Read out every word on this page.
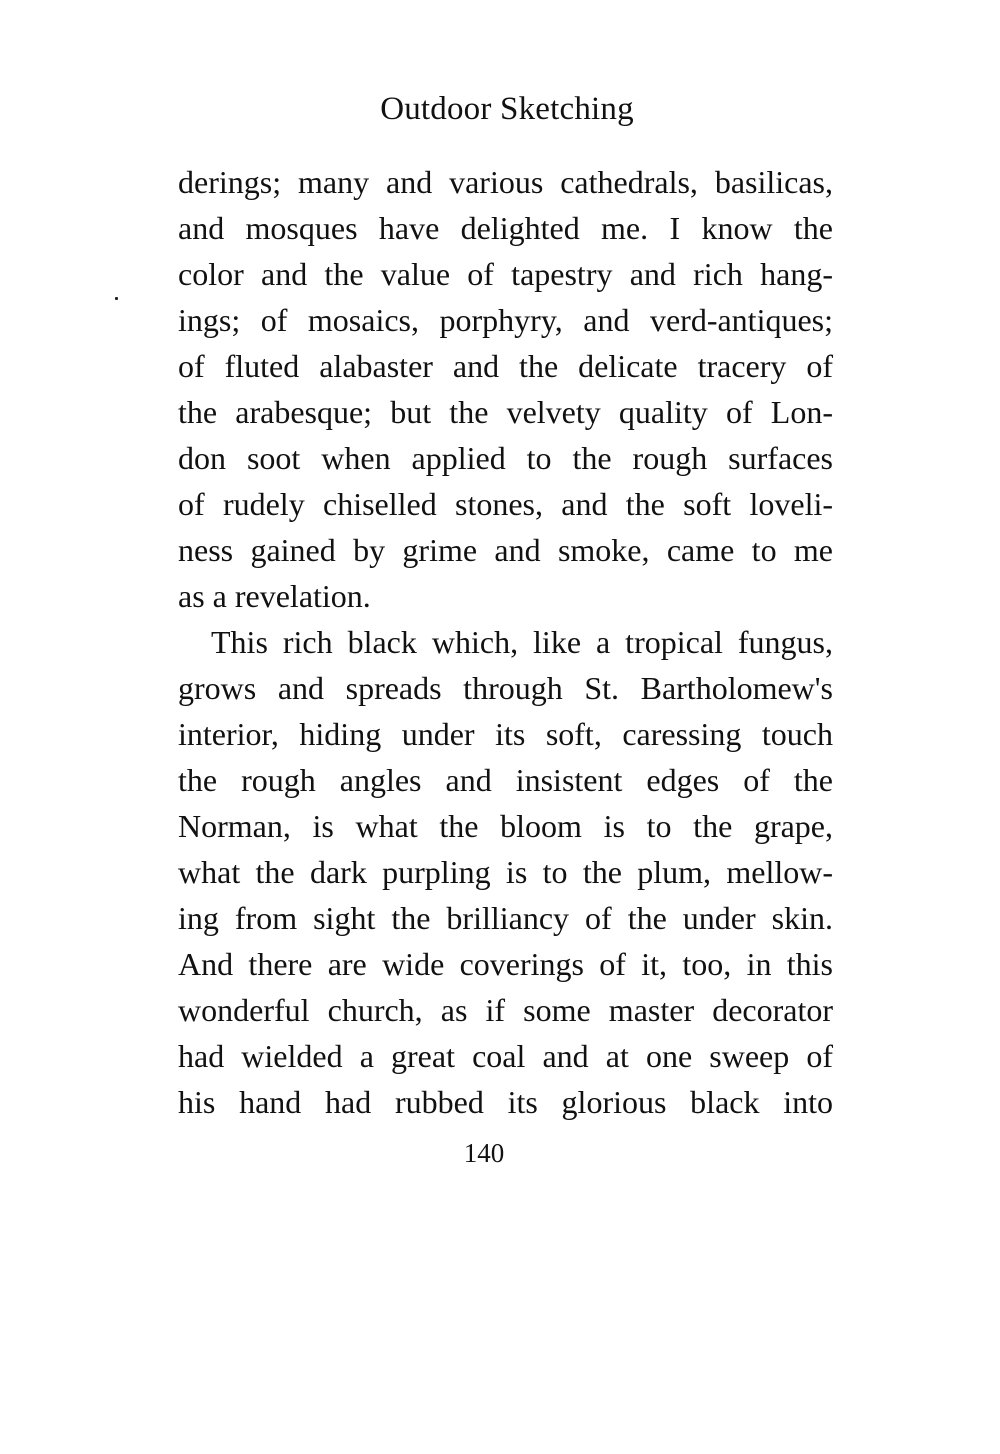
Outdoor Sketching
derings; many and various cathedrals, basilicas,
and mosques have delighted me. I know the
color and the value of tapestry and rich hang-
ings; of mosaics, porphyry, and verd-antiques;
of fluted alabaster and the delicate tracery of
the arabesque; but the velvety quality of Lon-
don soot when applied to the rough surfaces
of rudely chiselled stones, and the soft loveli-
ness gained by grime and smoke, came to me
as a revelation.
This rich black which, like a tropical fungus,
grows and spreads through St. Bartholomew's
interior, hiding under its soft, caressing touch
the rough angles and insistent edges of the
Norman, is what the bloom is to the grape,
what the dark purpling is to the plum, mellow-
ing from sight the brilliancy of the under skin.
And there are wide coverings of it, too, in this
wonderful church, as if some master decorator
had wielded a great coal and at one sweep of
his hand had rubbed its glorious black into
140
